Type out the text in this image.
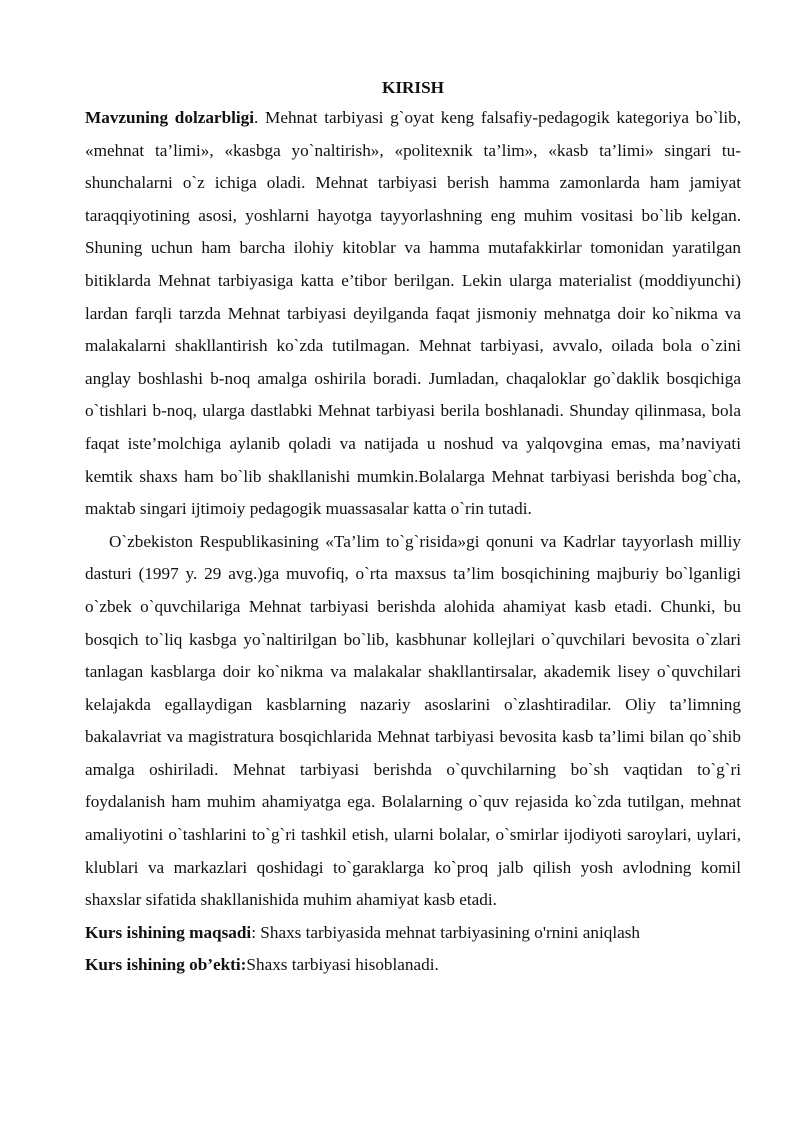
KIRISH

Mavzuning dolzarbligi. Mehnat tarbiyasi g`oyat keng falsafiy-pedagogik kategoriya bo`lib, «mehnat ta’limi», «kasbga yo`naltirish», «politexnik ta’lim», «kasb ta’limi» singari tu-shunchalarni o`z ichiga oladi. Mehnat tarbiyasi berish hamma zamonlarda ham jamiyat taraqqiyotining asosi, yoshlarni hayotga tayyorlashning eng muhim vositasi bo`lib kelgan. Shuning uchun ham barcha ilohiy kitoblar va hamma mutafakkirlar tomonidan yaratilgan bitiklarda Mehnat tarbiyasiga katta e’tibor berilgan. Lekin ularga materialist (moddiyunchi) lardan farqli tarzda Mehnat tarbiyasi deyilganda faqat jismoniy mehnatga doir ko`nikma va malakalarni shakllantirish ko`zda tutilmagan. Mehnat tarbiyasi, avvalo, oilada bola o`zini anglay boshlashi b-noq amalga oshirila boradi. Jumladan, chaqaloklar go`daklik bosqichiga o`tishlari b-noq, ularga dastlabki Mehnat tarbiyasi berila boshlanadi. Shunday qilinmasa, bola faqat iste’molchiga aylanib qoladi va natijada u noshud va yalqovgina emas, ma’naviyati kemtik shaxs ham bo`lib shakllanishi mumkin.Bolalarga Mehnat tarbiyasi berishda bog`cha, maktab singari ijtimoiy pedagogik muassasalar katta o`rin tutadi.

O`zbekiston Respublikasining «Ta’lim to`g`risida»gi qonuni va Kadrlar tayyorlash milliy dasturi (1997 y. 29 avg.)ga muvofiq, o`rta maxsus ta’lim bosqichining majburiy bo`lganligi o`zbek o`quvchilariga Mehnat tarbiyasi berishda alohida ahamiyat kasb etadi. Chunki, bu bosqich to`liq kasbga yo`naltirilgan bo`lib, kasbhunar kollejlari o`quvchilari bevosita o`zlari tanlagan kasblarga doir ko`nikma va malakalar shakllantirsalar, akademik lisey o`quvchilari kelajakda egallaydigan kasblarning nazariy asoslarini o`zlashtiradilar. Oliy ta’limning bakalavriat va magistratura bosqichlarida Mehnat tarbiyasi bevosita kasb ta’limi bilan qo`shib amalga oshiriladi. Mehnat tarbiyasi berishda o`quvchilarning bo`sh vaqtidan to`g`ri foydalanish ham muhim ahamiyatga ega. Bolalarning o`quv rejasida ko`zda tutilgan, mehnat amaliyotini o`tashlarini to`g`ri tashkil etish, ularni bolalar, o`smirlar ijodiyoti saroylari, uylari, klublari va markazlari qoshidagi to`garaklarga ko`proq jalb qilish yosh avlodning komil shaxslar sifatida shakllanishida muhim ahamiyat kasb etadi.

Kurs ishining maqsadi: Shaxs tarbiyasida mehnat tarbiyasining o'rnini aniqlash

Kurs ishining ob’ekti:Shaxs tarbiyasi hisoblanadi.
